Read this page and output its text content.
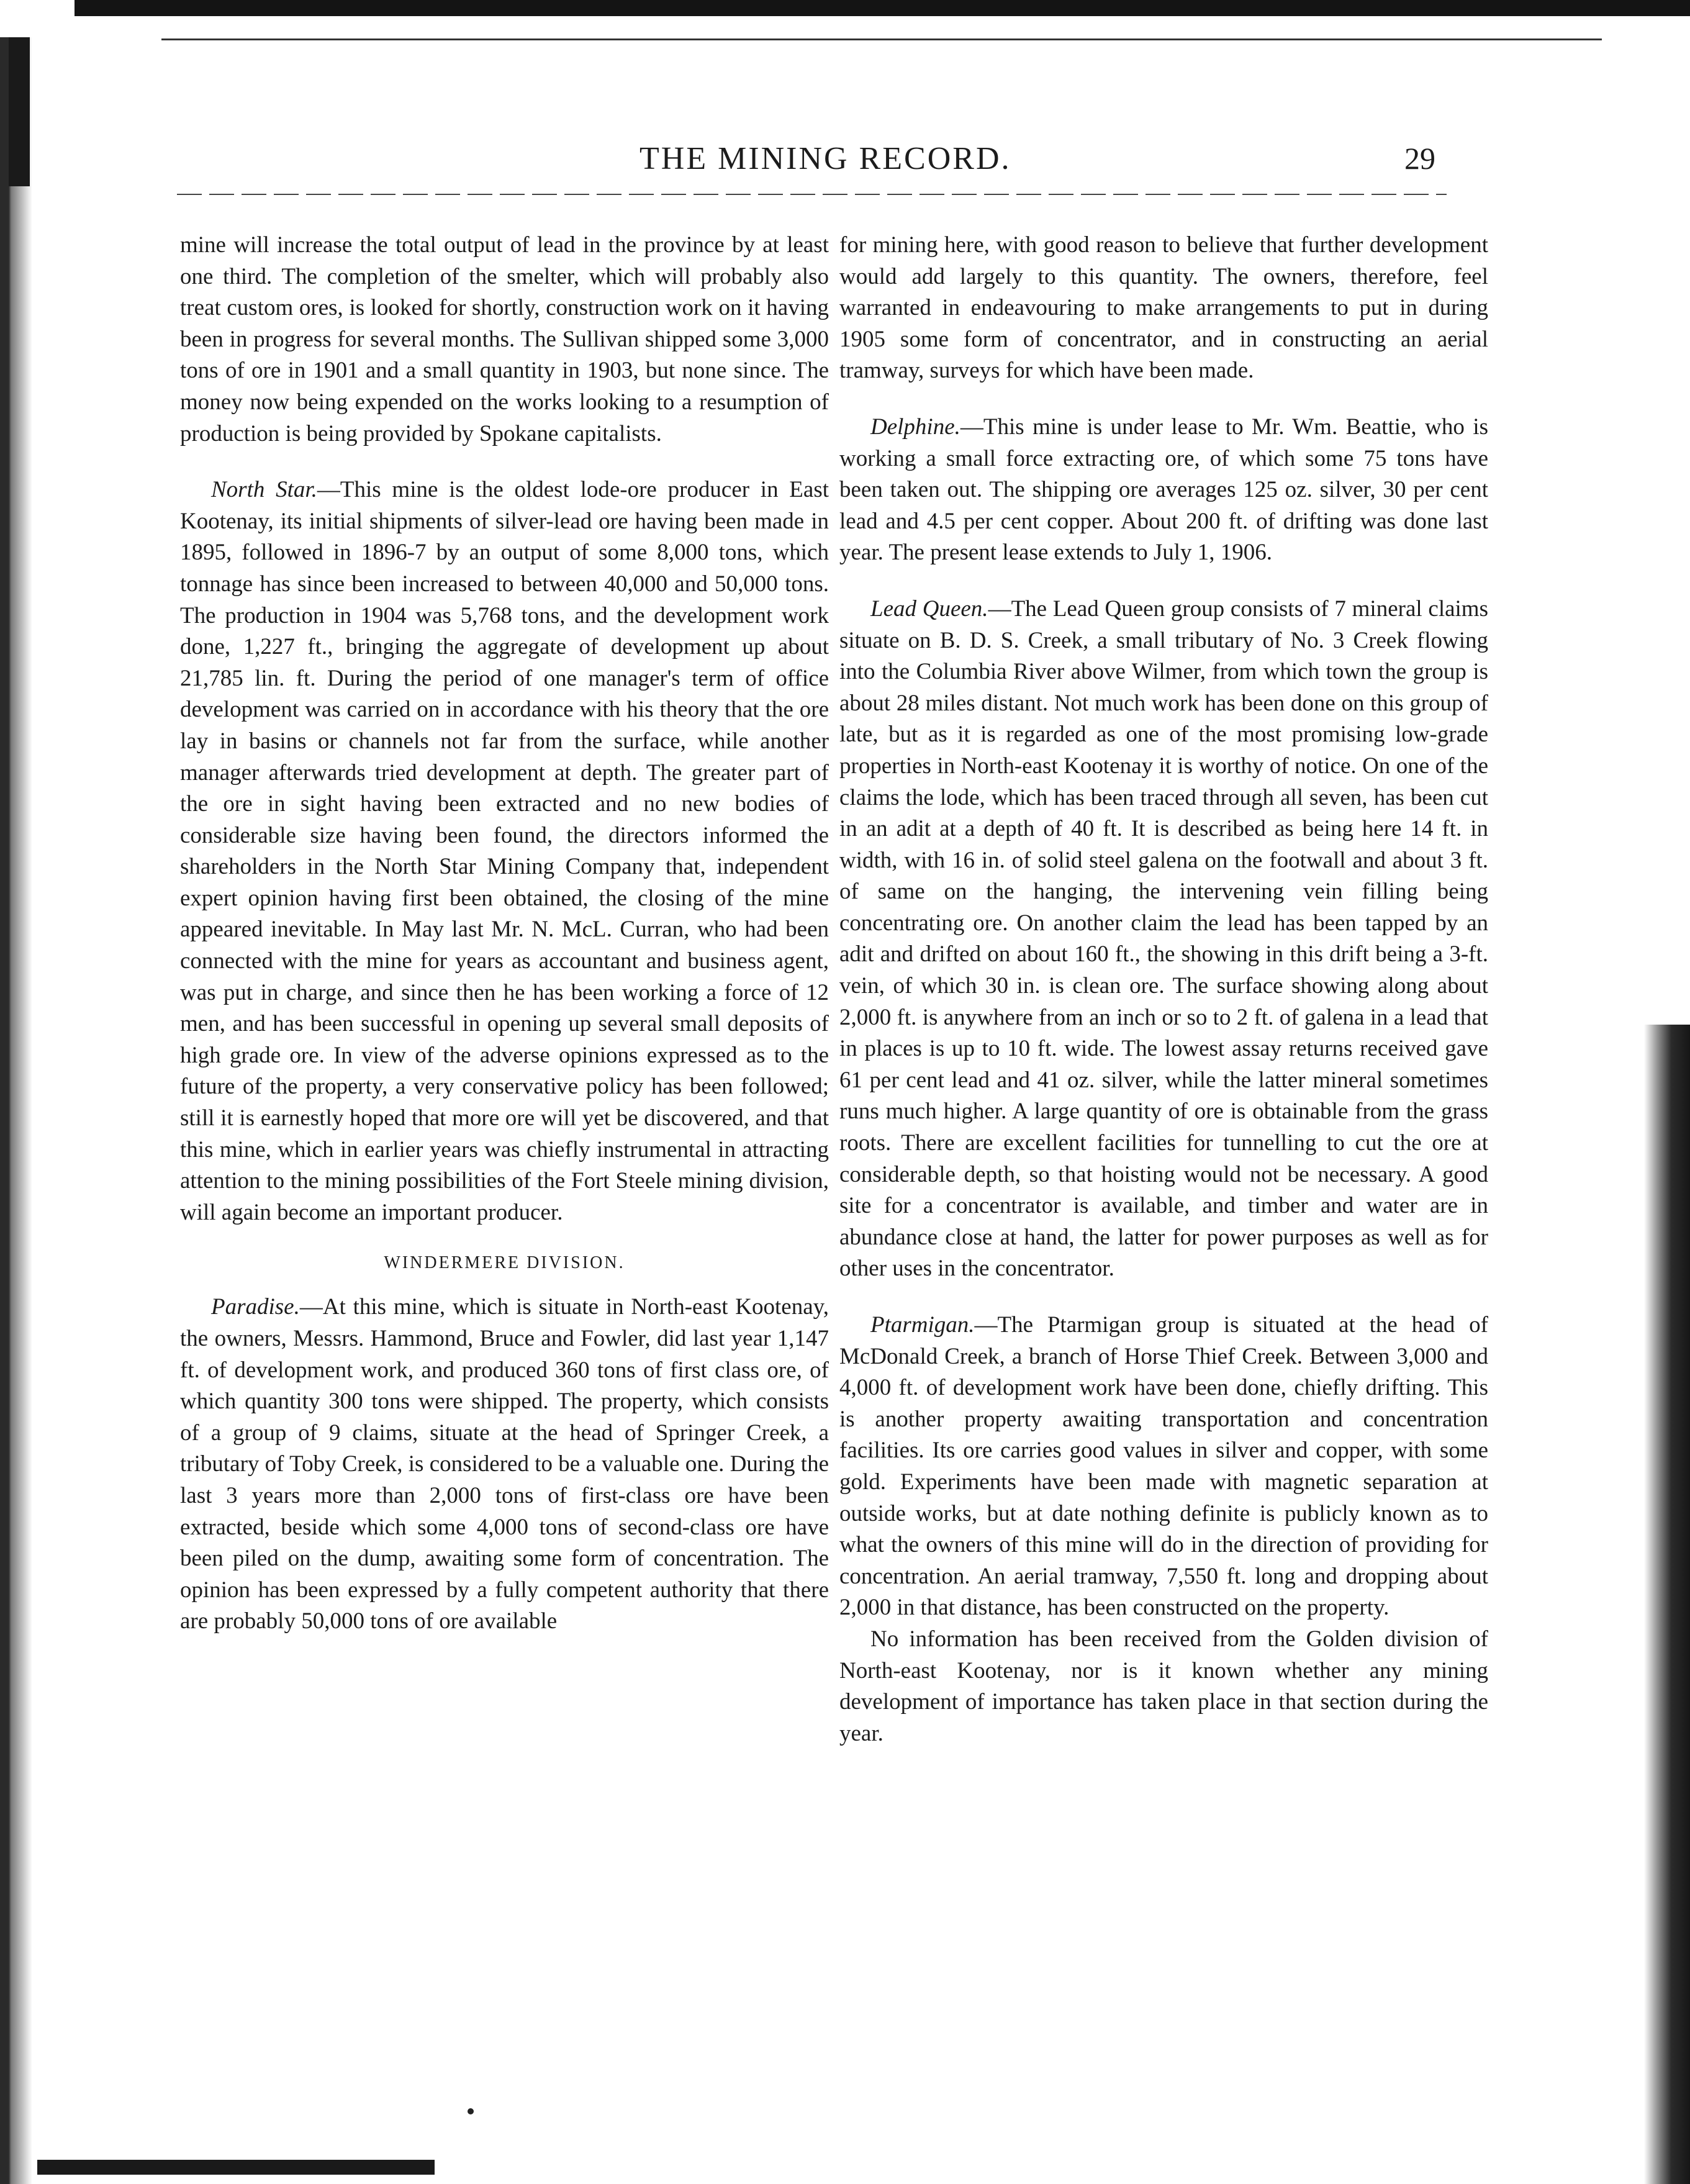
THE MINING RECORD.	29

mine will increase the total output of lead in the province by at least one third. The completion of the smelter, which will probably also treat custom ores, is looked for shortly, construction work on it having been in progress for several months. The Sullivan shipped some 3,000 tons of ore in 1901 and a small quantity in 1903, but none since. The money now being expended on the works looking to a resumption of production is being provided by Spokane capitalists.

North Star.—This mine is the oldest lode-ore producer in East Kootenay, its initial shipments of silver-lead ore having been made in 1895, followed in 1896-7 by an output of some 8,000 tons, which tonnage has since been increased to between 40,000 and 50,000 tons. The production in 1904 was 5,768 tons, and the development work done, 1,227 ft., bringing the aggregate of development up about 21,785 lin. ft. During the period of one manager's term of office development was carried on in accordance with his theory that the ore lay in basins or channels not far from the surface, while another manager afterwards tried development at depth. The greater part of the ore in sight having been extracted and no new bodies of considerable size having been found, the directors informed the shareholders in the North Star Mining Company that, independent expert opinion having first been obtained, the closing of the mine appeared inevitable. In May last Mr. N. McL. Curran, who had been connected with the mine for years as accountant and business agent, was put in charge, and since then he has been working a force of 12 men, and has been successful in opening up several small deposits of high grade ore. In view of the adverse opinions expressed as to the future of the property, a very conservative policy has been followed; still it is earnestly hoped that more ore will yet be discovered, and that this mine, which in earlier years was chiefly instrumental in attracting attention to the mining possibilities of the Fort Steele mining division, will again become an important producer.

WINDERMERE DIVISION.

Paradise.—At this mine, which is situate in North-east Kootenay, the owners, Messrs. Hammond, Bruce and Fowler, did last year 1,147 ft. of development work, and produced 360 tons of first class ore, of which quantity 300 tons were shipped. The property, which consists of a group of 9 claims, situate at the head of Springer Creek, a tributary of Toby Creek, is considered to be a valuable one. During the last 3 years more than 2,000 tons of first-class ore have been extracted, beside which some 4,000 tons of second-class ore have been piled on the dump, awaiting some form of concentration. The opinion has been expressed by a fully competent authority that there are probably 50,000 tons of ore available

for mining here, with good reason to believe that further development would add largely to this quantity. The owners, therefore, feel warranted in endeavouring to make arrangements to put in during 1905 some form of concentrator, and in constructing an aerial tramway, surveys for which have been made.

Delphine.—This mine is under lease to Mr. Wm. Beattie, who is working a small force extracting ore, of which some 75 tons have been taken out. The shipping ore averages 125 oz. silver, 30 per cent lead and 4.5 per cent copper. About 200 ft. of drifting was done last year. The present lease extends to July 1, 1906.

Lead Queen.—The Lead Queen group consists of 7 mineral claims situate on B. D. S. Creek, a small tributary of No. 3 Creek flowing into the Columbia River above Wilmer, from which town the group is about 28 miles distant. Not much work has been done on this group of late, but as it is regarded as one of the most promising low-grade properties in North-east Kootenay it is worthy of notice. On one of the claims the lode, which has been traced through all seven, has been cut in an adit at a depth of 40 ft. It is described as being here 14 ft. in width, with 16 in. of solid steel galena on the footwall and about 3 ft. of same on the hanging, the intervening vein filling being concentrating ore. On another claim the lead has been tapped by an adit and drifted on about 160 ft., the showing in this drift being a 3-ft. vein, of which 30 in. is clean ore. The surface showing along about 2,000 ft. is anywhere from an inch or so to 2 ft. of galena in a lead that in places is up to 10 ft. wide. The lowest assay returns received gave 61 per cent lead and 41 oz. silver, while the latter mineral sometimes runs much higher. A large quantity of ore is obtainable from the grass roots. There are excellent facilities for tunnelling to cut the ore at considerable depth, so that hoisting would not be necessary. A good site for a concentrator is available, and timber and water are in abundance close at hand, the latter for power purposes as well as for other uses in the concentrator.

Ptarmigan.—The Ptarmigan group is situated at the head of McDonald Creek, a branch of Horse Thief Creek. Between 3,000 and 4,000 ft. of development work have been done, chiefly drifting. This is another property awaiting transportation and concentration facilities. Its ore carries good values in silver and copper, with some gold. Experiments have been made with magnetic separation at outside works, but at date nothing definite is publicly known as to what the owners of this mine will do in the direction of providing for concentration. An aerial tramway, 7,550 ft. long and dropping about 2,000 in that distance, has been constructed on the property.

No information has been received from the Golden division of North-east Kootenay, nor is it known whether any mining development of importance has taken place in that section during the year.
